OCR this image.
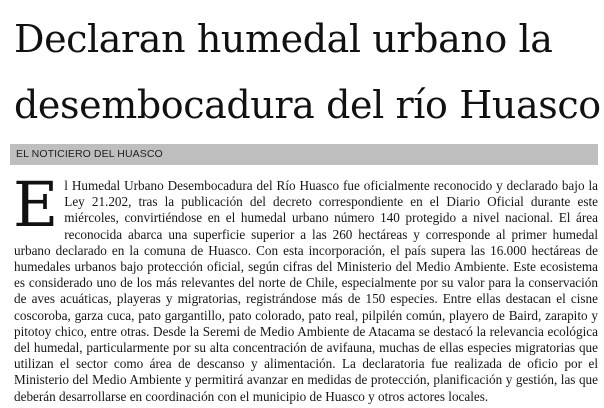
Declaran humedal urbano la
desembocadura del río Huasco
EL NOTICIERO DEL HUASCO

El Humedal Urbano Desembocadura del Río Huasco fue oficialmente reconocido y declarado bajo la Ley 21.202, tras la publicación del decreto correspondiente en el Diario Oficial durante este miércoles, convirtiéndose en el humedal urbano número 140 protegido a nivel nacional. El área reconocida abarca una superficie superior a las 260 hectáreas y corresponde al primer humedal urbano declarado en la comuna de Huasco. Con esta incorporación, el país supera las 16.000 hectáreas de humedales urbanos bajo protección oficial, según cifras del Ministerio del Medio Ambiente. Este ecosistema es considerado uno de los más relevantes del norte de Chile, especialmente por su valor para la conservación de aves acuáticas, playeras y migratorias, registrándose más de 150 especies. Entre ellas destacan el cisne coscoroba, garza cuca, pato gargantillo, pato colorado, pato real, pilpilén común, playero de Baird, zarapito y pitotoy chico, entre otras. Desde la Seremi de Medio Ambiente de Atacama se destacó la relevancia ecológica del humedal, particularmente por su alta concentración de avifauna, muchas de ellas especies migratorias que utilizan el sector como área de descanso y alimentación. La declaratoria fue realizada de oficio por el Ministerio del Medio Ambiente y permitirá avanzar en medidas de protección, planificación y gestión, las que deberán desarrollarse en coordinación con el municipio de Huasco y otros actores locales.
